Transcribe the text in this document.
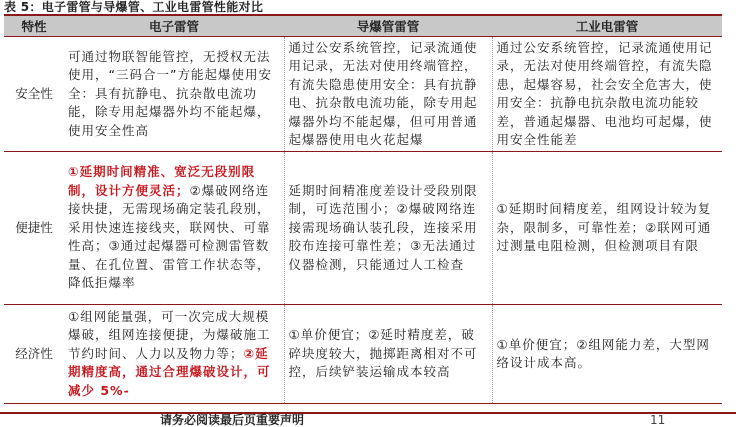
表 5：电子雷管与导爆管、工业电雷管性能对比
特性	电子雷管	导爆管雷管	工业电雷管
安全性	可通过物联智能管控，无授权无法使用，“三码合一”方能起爆使用安全：具有抗静电、抗杂散电流功能，除专用起爆器外均不能起爆，使用安全性高	通过公安系统管控，记录流通使用记录，无法对使用终端管控，有流失隐患使用安全：具有抗静电、抗杂散电流功能，除专用起爆器外均不能起爆，但可用普通起爆器使用电火花起爆	通过公安系统管控，记录流通使用记录，无法对使用终端管控，有流失隐患，起爆容易，社会安全危害大，使用安全：抗静电抗杂散电流功能较差，普通起爆器、电池均可起爆，使用安全性能差
便捷性	①延期时间精准、宽泛无段别限制，设计方便灵活；②爆破网络连接快捷，无需现场确定装孔段别，采用快速连接线夹，联网快、可靠性高；③通过起爆器可检测雷管数量、在孔位置、雷管工作状态等，降低拒爆率	延期时间精准度差设计受段别限制，可选范围小；②爆破网络连接需现场确认装孔段，连接采用胶布连接可靠性差；③无法通过仪器检测，只能通过人工检查	①延期时间精度差，组网设计较为复杂，限制多，可靠性差；②联网可通过测量电阻检测，但检测项目有限
经济性	①组网能量强，可一次完成大规模爆破，组网连接便捷，为爆破施工节约时间、人力以及物力等；②延期精度高，通过合理爆破设计，可减少 5%-	①单价便宜；②延时精度差，破碎块度较大，抛掷距离相对不可控，后续铲装运输成本较高	①单价便宜；②组网能力差，大型网络设计成本高。
请务必阅读最后页重要声明	11
